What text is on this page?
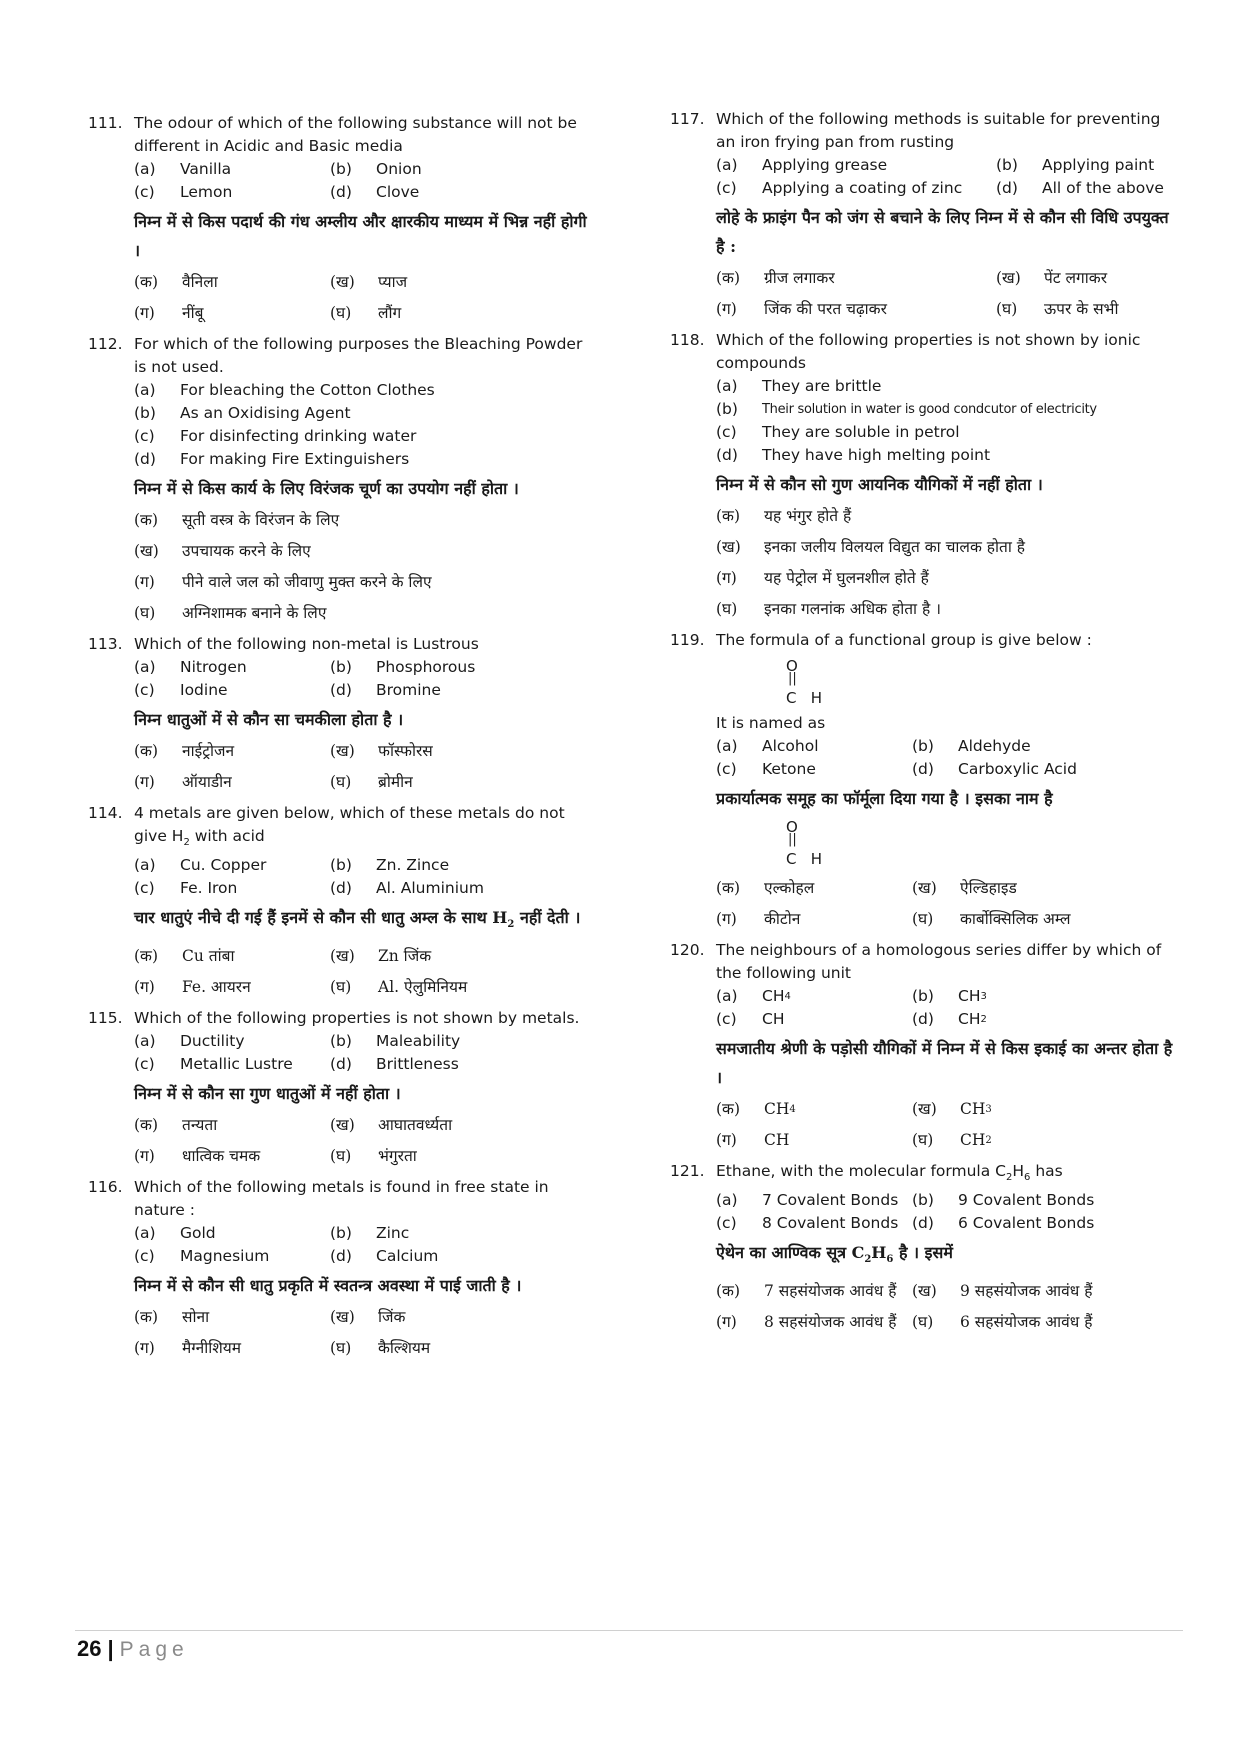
111. The odour of which of the following substance will not be different in Acidic and Basic media

(a)	Vanilla	(b)	Onion
(c)	Lemon	(d)	Clove

निम्न में से किस पदार्थ की गंध अम्लीय और क्षारकीय माध्यम में भिन्न नहीं होगी ।

(क)	वैनिला	(ख)	प्याज
(ग)	नींबू	(घ)	लौंग
112. For which of the following purposes the Bleaching Powder is not used.

(a)	For bleaching the Cotton Clothes
(b)	As an Oxidising Agent
(c)	For disinfecting drinking water
(d)	For making Fire Extinguishers

निम्न में से किस कार्य के लिए विरंजक चूर्ण का उपयोग नहीं होता ।

(क)	सूती वस्त्र के विरंजन के लिए
(ख)	उपचायक करने के लिए
(ग)	पीने वाले जल को जीवाणु मुक्त करने के लिए
(घ)	अग्निशामक बनाने के लिए
113. Which of the following non-metal is Lustrous

(a)	Nitrogen	(b)	Phosphorous
(c)	Iodine	(d)	Bromine

निम्न धातुओं में से कौन सा चमकीला होता है ।

(क)	नाईट्रोजन	(ख)	फॉस्फोरस
(ग)	ऑयाडीन	(घ)	ब्रोमीन
114. 4 metals are given below, which of these metals do not give $H_2$ with acid

(a)	Cu. Copper	(b)	Zn. Zince
(c)	Fe. Iron	(d)	Al. Aluminium

चार धातुएं नीचे दी गई हैं इनमें से कौन सी धातु अम्ल के साथ $H_2$ नहीं देती ।

(क)	Cu तांबा	(ख)	Zn जिंक
(ग)	Fe. आयरन	(घ)	Al. ऐलुमिनियम
115. Which of the following properties is not shown by metals.

(a)	Ductility	(b)	Maleability
(c)	Metallic Lustre (d)	Brittleness

निम्न में से कौन सा गुण धातुओं में नहीं होता ।

(क)	तन्यता	(ख)	आघातवर्ध्यता
(ग)	धात्विक चमक	(घ)	भंगुरता
116. Which of the following metals is found in free state in nature :

(a)	Gold	(b)	Zinc
(c)	Magnesium	(d)	Calcium

निम्न में से कौन सी धातु प्रकृति में स्वतन्त्र अवस्था में पाई जाती है ।

(क)	सोना	(ख)	जिंक
(ग)	मैग्नीशियम	(घ)	कैल्शियम
117. Which of the following methods is suitable for preventing an iron frying pan from rusting

(a)	Applying grease	(b)	Applying paint
(c)	Applying a coating of zinc (d)	All of the above

लोहे के फ्राइंग पैन को जंग से बचाने के लिए निम्न में से कौन सी विधि उपयुक्त है :

(क)	ग्रीज लगाकर	(ख)	पेंट लगाकर
(ग)	जिंक की परत चढ़ाकर	(घ)	ऊपर के सभी
118. Which of the following properties is not shown by ionic compounds

(a)	They are brittle
(b)	Their solution in water is good condcutor of electricity
(c)	They are soluble in petrol
(d)	They have high melting point

निम्न में से कौन सो गुण आयनिक यौगिकों में नहीं होता ।

(क)	यह भंगुर होते हैं
(ख)	इनका जलीय विलयल विद्युत का चालक होता है
(ग)	यह पेट्रोल में घुलनशील होते हैं
(घ)	इनका गलनांक अधिक होता है ।
119. The formula of a functional group is give below :

O
||
C H

It is named as

(a)	Alcohol	(b)	Aldehyde
(c)	Ketone	(d)	Carboxylic Acid

प्रकार्यात्मक समूह का फॉर्मूला दिया गया है । इसका नाम है

O
||
C H
(क)	एल्कोहल	(ख)	ऐल्डिहाइड
(ग)	कीटोन	(घ)	कार्बोक्सिलिक अम्ल
120. The neighbours of a homologous series differ by which of the following unit

(a)	CH 4	(b)	CH 3
(c)	CH	(d)	CH 2

समजातीय श्रेणी के पड़ोसी यौगिकों में निम्न में से किस इकाई का अन्तर होता है ।

(क)	CH 4	(ख)	CH 3
(ग)	CH	(घ)	CH 2
121. Ethane, with the molecular formula $C_2H_6$ has

(a)	7 Covalent Bonds (b)	9 Covalent Bonds
(c)	8 Covalent Bonds (d)	6 Covalent Bonds

ऐथेन का आण्विक सूत्र $C_2H_6$ है । इसमें

(क)	7 सहसंयोजक आवंध हैं (ख)	9 सहसंयोजक आवंध हैं
(ग)	8 सहसंयोजक आवंध हैं (घ)	6 सहसंयोजक आवंध हैं
26 | Page
